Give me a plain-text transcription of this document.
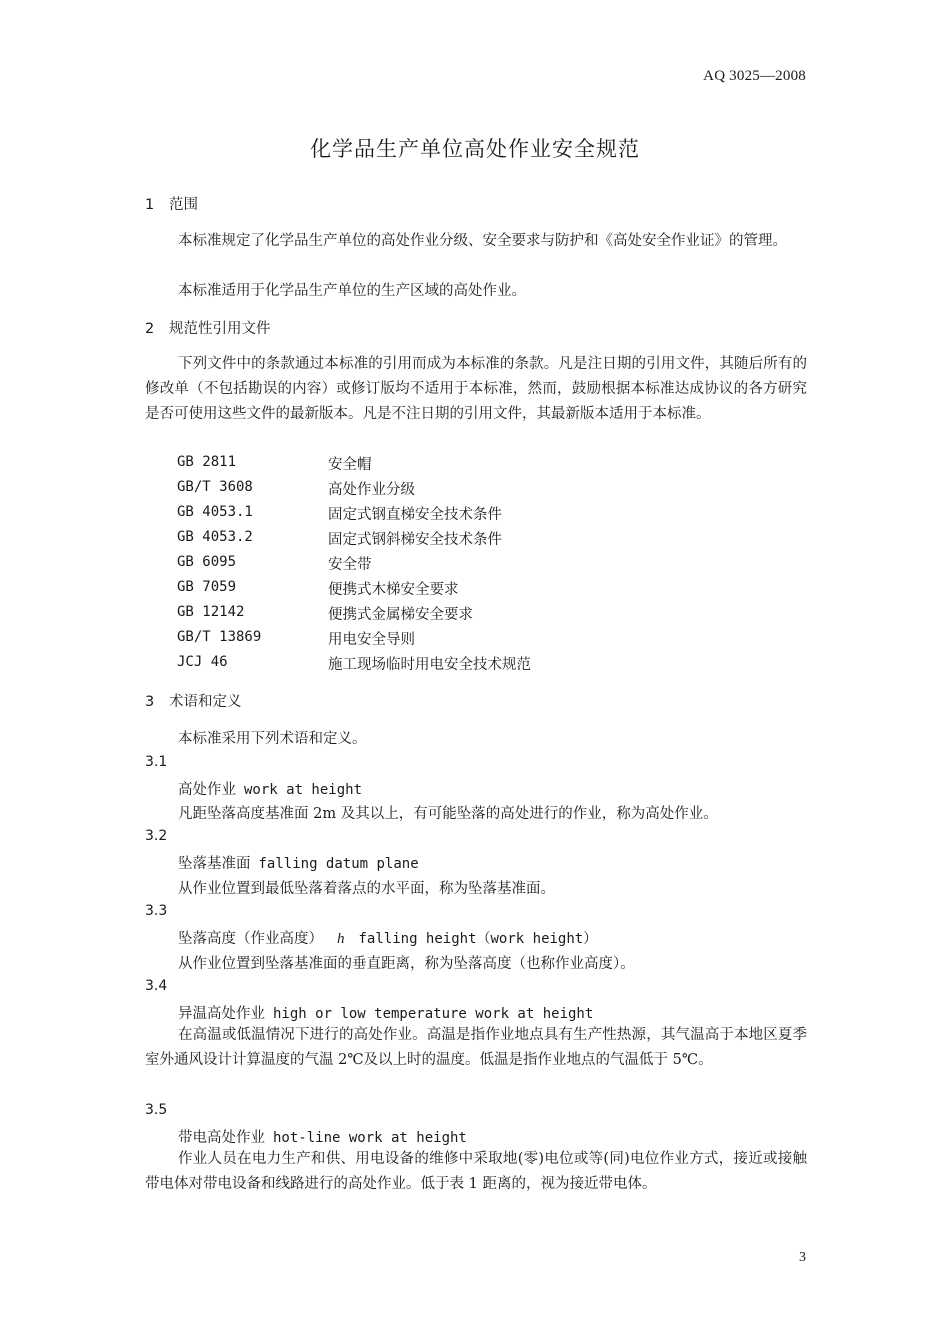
AQ 3025—2008
化学品生产单位高处作业安全规范
1 范围
本标准规定了化学品生产单位的高处作业分级、安全要求与防护和《高处安全作业证》的管理。
本标准适用于化学品生产单位的生产区域的高处作业。
2 规范性引用文件
下列文件中的条款通过本标准的引用而成为本标准的条款。凡是注日期的引用文件，其随后所有的修改单（不包括勘误的内容）或修订版均不适用于本标准，然而，鼓励根据本标准达成协议的各方研究是否可使用这些文件的最新版本。凡是不注日期的引用文件，其最新版本适用于本标准。
GB 2811	安全帽
GB/T 3608	高处作业分级
GB 4053.1	固定式钢直梯安全技术条件
GB 4053.2	固定式钢斜梯安全技术条件
GB 6095	安全带
GB 7059	便携式木梯安全要求
GB 12142	便携式金属梯安全要求
GB/T 13869	用电安全导则
JCJ 46	施工现场临时用电安全技术规范
3 术语和定义
本标准采用下列术语和定义。
3.1
高处作业 work at height
凡距坠落高度基准面 2m 及其以上，有可能坠落的高处进行的作业，称为高处作业。
3.2
坠落基准面 falling datum plane
从作业位置到最低坠落着落点的水平面，称为坠落基准面。
3.3
坠落高度（作业高度） h falling height（work height）
从作业位置到坠落基准面的垂直距离，称为坠落高度（也称作业高度）。
3.4
异温高处作业 high or low temperature work at height
在高温或低温情况下进行的高处作业。高温是指作业地点具有生产性热源，其气温高于本地区夏季室外通风设计计算温度的气温 2℃及以上时的温度。低温是指作业地点的气温低于 5℃。
3.5
带电高处作业 hot-line work at height
作业人员在电力生产和供、用电设备的维修中采取地(零)电位或等(同)电位作业方式，接近或接触带电体对带电设备和线路进行的高处作业。低于表 1 距离的，视为接近带电体。
3
